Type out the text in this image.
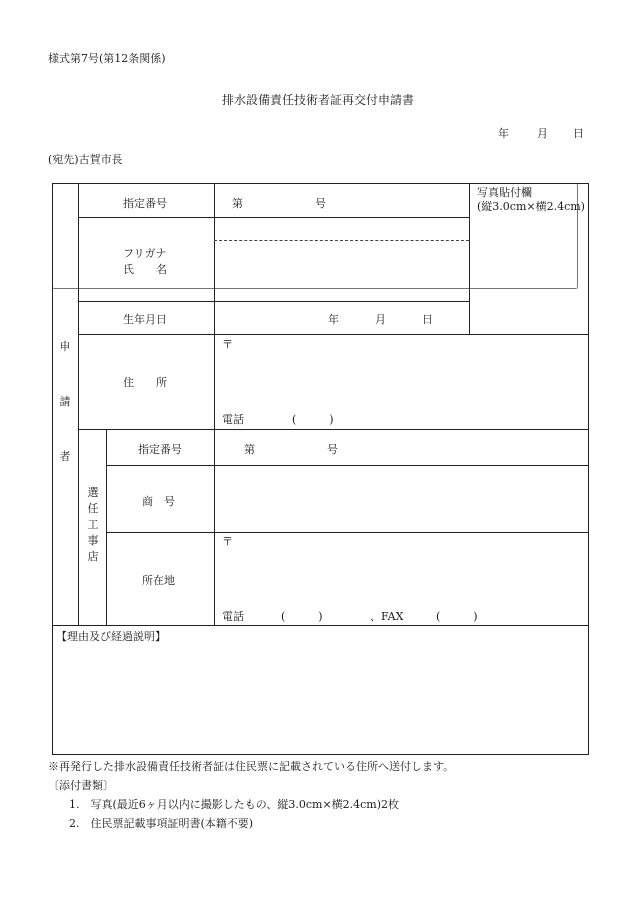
様式第7号(第12条関係)
排水設備責任技術者証再交付申請書
年	月 日
(宛先)古賀市長
申
請
者
指定番号	第	号
写真貼付欄
(縦3.0cm×横2.4cm)
フリガナ
氏　　名
生年月日	年	月	日
住　　所
〒
電話	(　　　)
選
任
工
事
店
指定番号	第	号
商　号
所在地
〒
電話	(　　　)	、FAX	(　　　)
【理由及び経過説明】
※再発行した排水設備責任技術者証は住民票に記載されている住所へ送付します。
〔添付書類〕
1.　写真(最近6ヶ月以内に撮影したもの、縦3.0cm×横2.4cm)2枚
2.　住民票記載事項証明書(本籍不要)
